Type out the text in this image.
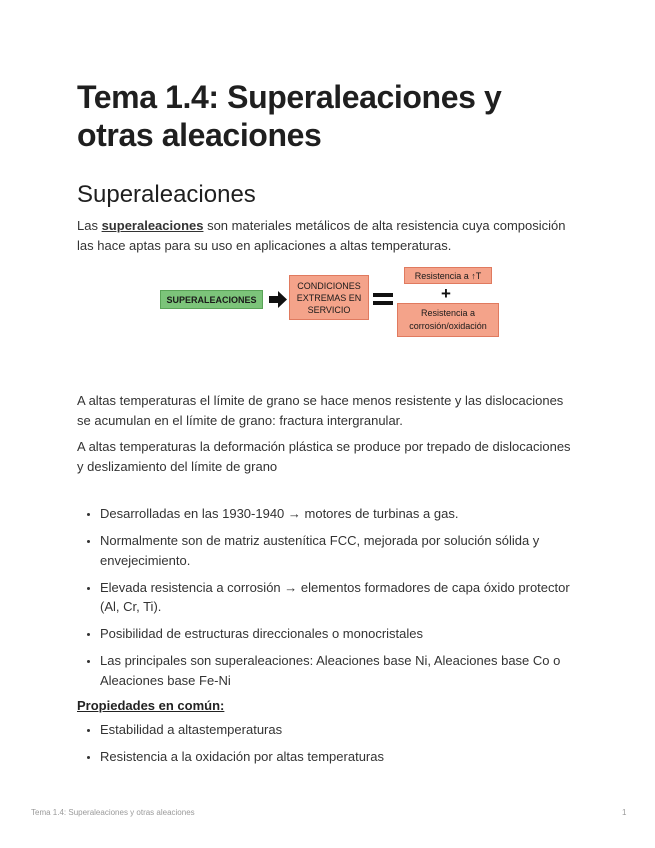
Tema 1.4: Superaleaciones y otras aleaciones
Superaleaciones

Las superaleaciones son materiales metálicos de alta resistencia cuya composición las hace aptas para su uso en aplicaciones a altas temperaturas.

SUPERALEACIONES
CONDICIONES EXTREMAS EN SERVICIO
Resistencia a ↑T
+
Resistencia a corrosión/oxidación

A altas temperaturas el límite de grano se hace menos resistente y las dislocaciones se acumulan en el límite de grano: fractura intergranular.

A altas temperaturas la deformación plástica se produce por trepado de dislocaciones y deslizamiento del límite de grano

• Desarrolladas en las 1930-1940 → motores de turbinas a gas.
• Normalmente son de matriz austenítica FCC, mejorada por solución sólida y envejecimiento.
• Elevada resistencia a corrosión → elementos formadores de capa óxido protector (Al, Cr, Ti).
• Posibilidad de estructuras direccionales o monocristales
• Las principales son superaleaciones: Aleaciones base Ni, Aleaciones base Co o Aleaciones base Fe-Ni
Propiedades en común:
• Estabilidad a altastemperaturas
• Resistencia a la oxidación por altas temperaturas
Tema 1.4: Superaleaciones y otras aleaciones	1
